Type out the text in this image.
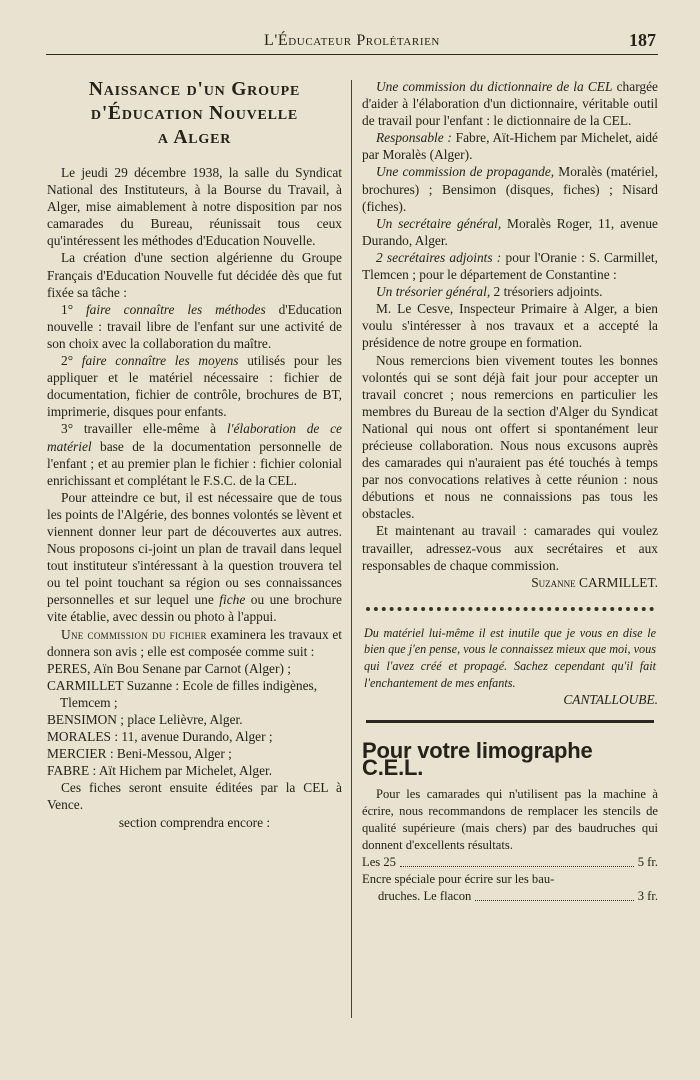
L'Éducateur Prolétarien	187
Naissance d'un Groupe
d'Éducation Nouvelle
a Alger

Le jeudi 29 décembre 1938, la salle du Syndicat National des Instituteurs, à la Bourse du Travail, à Alger, mise aimablement à notre disposition par nos camarades du Bureau, réunissait tous ceux qu'intéressent les méthodes d'Education Nouvelle.

La création d'une section algérienne du Groupe Français d'Education Nouvelle fut décidée dès que fut fixée sa tâche :

1° faire connaître les méthodes d'Education nouvelle : travail libre de l'enfant sur une activité de son choix avec la collaboration du maître.

2° faire connaître les moyens utilisés pour les appliquer et le matériel nécessaire : fichier de documentation, fichier de contrôle, brochures de BT, imprimerie, disques pour enfants.

3° travailler elle-même à l'élaboration de ce matériel base de la documentation personnelle de l'enfant ; et au premier plan le fichier : fichier colonial enrichissant et complétant le F.S.C. de la CEL.

Pour atteindre ce but, il est nécessaire que de tous les points de l'Algérie, des bonnes volontés se lèvent et viennent donner leur part de découvertes aux autres. Nous proposons ci-joint un plan de travail dans lequel tout instituteur s'intéressant à la question trouvera tel ou tel point touchant sa région ou ses connaissances personnelles et sur lequel une fiche ou une brochure vite établie, avec dessin ou photo à l'appui.

Une commission du fichier examinera les travaux et donnera son avis ; elle est composée comme suit :

PERES, Aïn Bou Senane par Carnot (Alger) ;

CARMILLET Suzanne : Ecole de filles indigènes, Tlemcem ;

BENSIMON ; place Lelièvre, Alger.

MORALES : 11, avenue Durando, Alger ;

MERCIER : Beni-Messou, Alger ;

FABRE : Aït Hichem par Michelet, Alger.

Ces fiches seront ensuite éditées par la CEL à Vence.

section comprendra encore :

Une commission du dictionnaire de la CEL chargée d'aider à l'élaboration d'un dictionnaire, véritable outil de travail pour l'enfant : le dictionnaire de la CEL.

Responsable : Fabre, Aït-Hichem par Michelet, aidé par Moralès (Alger).

Une commission de propagande, Moralès (matériel, brochures) ; Bensimon (disques, fiches) ; Nisard (fiches).

Un secrétaire général, Moralès Roger, 11, avenue Durando, Alger.

2 secrétaires adjoints : pour l'Oranie : S. Carmillet, Tlemcen ; pour le département de Constantine :

Un trésorier général, 2 trésoriers adjoints.

M. Le Cesve, Inspecteur Primaire à Alger, a bien voulu s'intéresser à nos travaux et a accepté la présidence de notre groupe en formation.

Nous remercions bien vivement toutes les bonnes volontés qui se sont déjà fait jour pour accepter un travail concret ; nous remercions en particulier les membres du Bureau de la section d'Alger du Syndicat National qui nous ont offert si spontanément leur précieuse collaboration. Nous nous excusons auprès des camarades qui n'auraient pas été touchés à temps par nos convocations relatives à cette réunion : nous débutions et nous ne connaissions pas tous les obstacles.

Et maintenant au travail : camarades qui voulez travailler, adressez-vous aux secrétaires et aux responsables de chaque commission.

Suzanne CARMILLET.

Du matériel lui-même il est inutile que je vous en dise le bien que j'en pense, vous le connaissez mieux que moi, vous qui l'avez créé et propagé. Sachez cependant qu'il fait l'enchantement de mes enfants.

CANTALLOUBE.

Pour votre limographe C.E.L.

Pour les camarades qui n'utilisent pas la machine à écrire, nous recommandons de remplacer les stencils de qualité supérieure (mais chers) par des baudruches qui donnent d'excellents résultats.

Les 25	5 fr.

Encre spéciale pour écrire sur les bau-

druches. Le flacon	3 fr.
